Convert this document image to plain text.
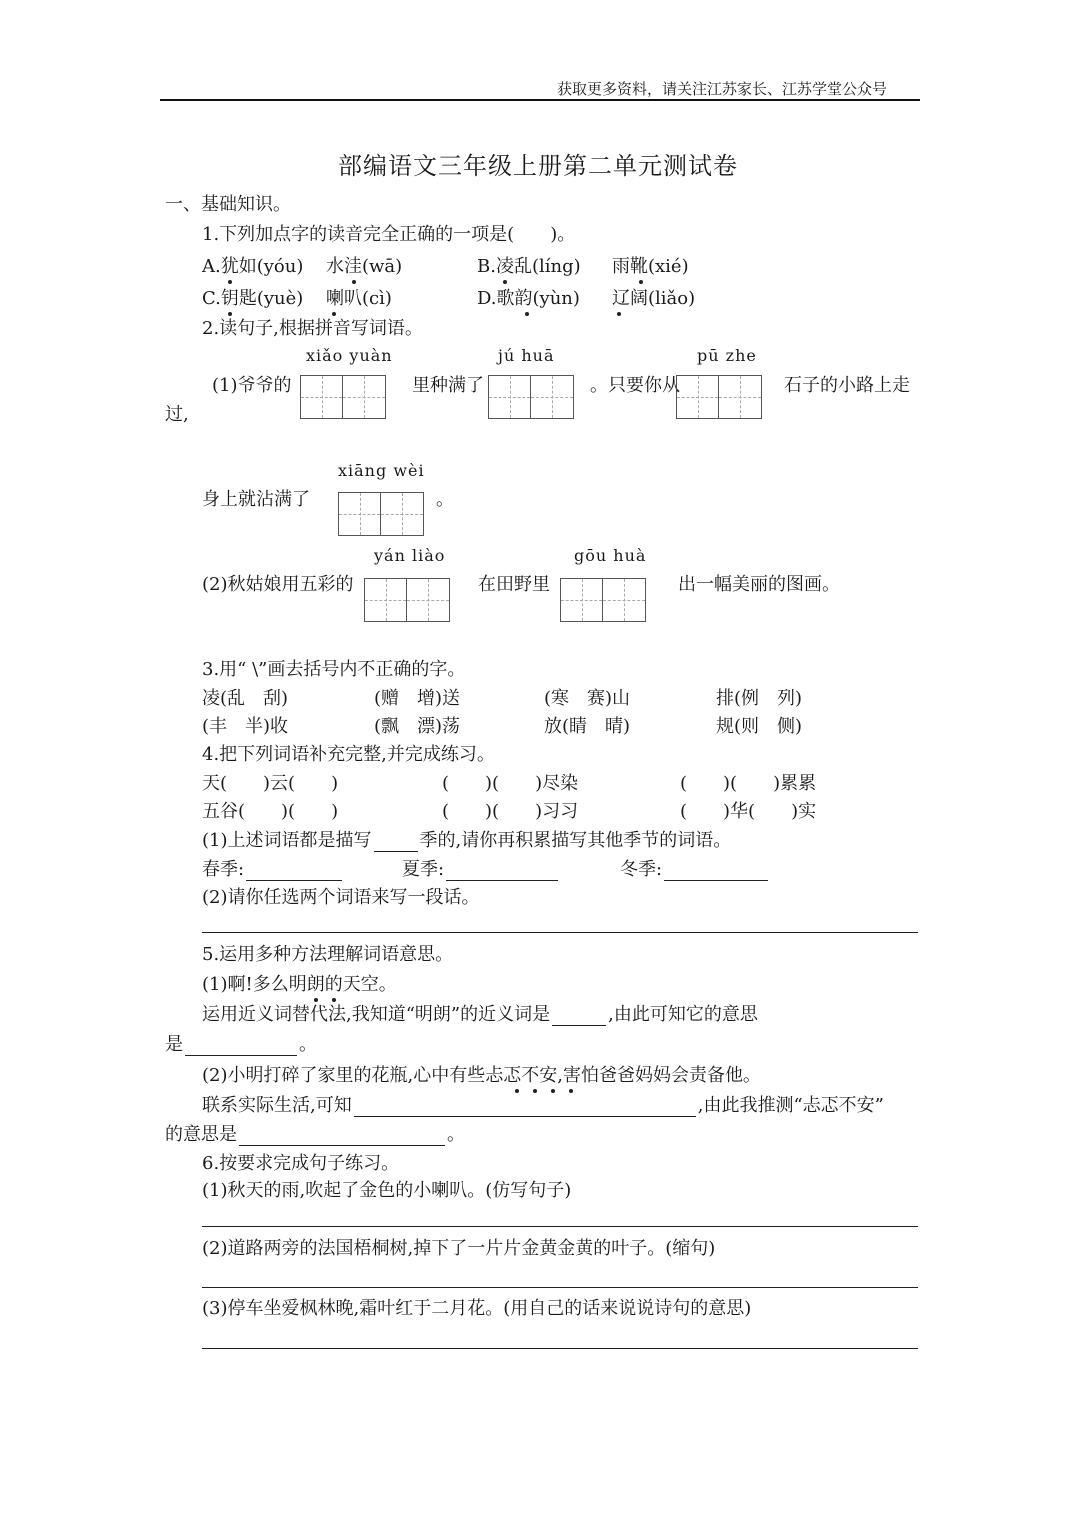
获取更多资料，请关注江苏家长、江苏学堂公众号
部编语文三年级上册第二单元测试卷
一、基础知识。
1.下列加点字的读音完全正确的一项是(　　)。
A.犹如(yóu) 水洼(wā)	B.凌乱(líng) 雨靴(xié)
C.钥匙(yuè) 喇叭(cì)	D.歌韵(yùn) 辽阔(liǎo)
2.读句子,根据拼音写词语。
xiǎo yuàn	jú huā	pū zhe
(1)爷爷的	里种满了	。只要你从	石子的小路上走
过,
xiāng wèi
身上就沾满了	。
yán liào	gōu huà
(2)秋姑娘用五彩的	在田野里	出一幅美丽的图画。
3.用“ \”画去括号内不正确的字。
凌(乱　刮)	(赠　增)送	(寒　赛)山	排(例　列)
(丰　半)收	(飘　漂)荡	放(睛　晴)	规(则　侧)
4.把下列词语补充完整,并完成练习。
天(　　)云(　　)	(　　)(　　)尽染	(　　)(　　)累累
五谷(　　)(　　)	(　　)(　　)习习	(　　)华(　　)实
(1)上述词语都是描写	季的,请你再积累描写其他季节的词语。
春季:	夏季:	冬季:
(2)请你任选两个词语来写一段话。
5.运用多种方法理解词语意思。
(1)啊!多么明朗的天空。
运用近义词替代法,我知道“明朗”的近义词是	,由此可知它的意思
是	。
(2)小明打碎了家里的花瓶,心中有些忐忑不安,害怕爸爸妈妈会责备他。
联系实际生活,可知	,由此我推测“忐忑不安”
的意思是	。
6.按要求完成句子练习。
(1)秋天的雨,吹起了金色的小喇叭。(仿写句子)
(2)道路两旁的法国梧桐树,掉下了一片片金黄金黄的叶子。(缩句)
(3)停车坐爱枫林晚,霜叶红于二月花。(用自己的话来说说诗句的意思)
